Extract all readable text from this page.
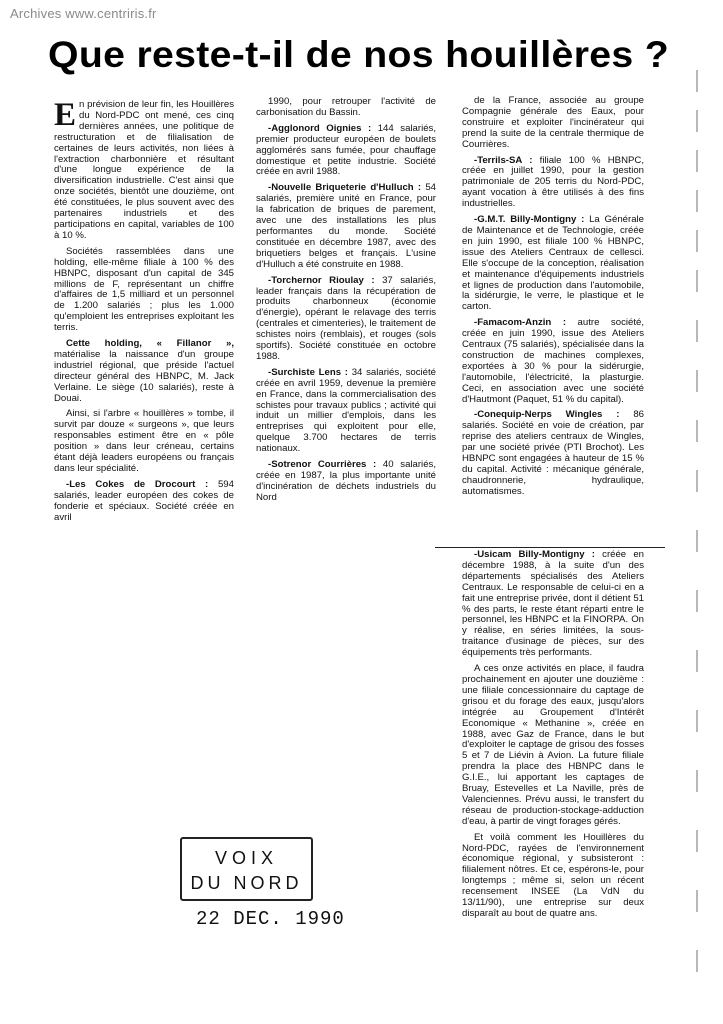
Archives www.centriris.fr
Que reste-t-il de nos houillères ?

En prévision de leur fin, les Houillères du Nord-PDC ont mené, ces cinq dernières années, une politique de restructuration et de filialisation de certaines de leurs activités, non liées à l'extraction charbonnière et résultant d'une longue expérience de la diversification industrielle. C'est ainsi que onze sociétés, bientôt une douzième, ont été constituées, le plus souvent avec des partenaires industriels et des participations en capital, variables de 100 à 10 %.

Sociétés rassemblées dans une holding, elle-même filiale à 100 % des HBNPC, disposant d'un capital de 345 millions de F, représentant un chiffre d'affaires de 1,5 milliard et un personnel de 1.200 salariés ; plus les 1.000 qu'emploient les entreprises exploitant les terris.

Cette holding, « Fillanor », matérialise la naissance d'un groupe industriel régional, que préside l'actuel directeur général des HBNPC, M. Jack Verlaine. Le siège (10 salariés), reste à Douai.

Ainsi, si l'arbre « houillères » tombe, il survit par douze « surgeons », que leurs responsables estiment être en « pôle position » dans leur créneau, certains étant déjà leaders européens ou français dans leur spécialité.

-Les Cokes de Drocourt : 594 salariés, leader européen des cokes de fonderie et spéciaux. Société créée en avril

1990, pour retrouper l'activité de carbonisation du Bassin.

-Agglonord Oignies : 144 salariés, premier producteur européen de boulets agglomérés sans fumée, pour chauffage domestique et petite industrie. Société créée en avril 1988.

-Nouvelle Briqueterie d'Hulluch : 54 salariés, première unité en France, pour la fabrication de briques de parement, avec une des installations les plus performantes du monde. Société constituée en décembre 1987, avec des briquetiers belges et français. L'usine d'Hulluch a été construite en 1988.

-Torchernor Rioulay : 37 salariés, leader français dans la récupération de produits charbonneux (économie d'énergie), opérant le relavage des terris (centrales et cimenteries), le traitement de schistes noirs (remblais), et rouges (sols sportifs). Société constituée en octobre 1988.

-Surchiste Lens : 34 salariés, société créée en avril 1959, devenue la première en France, dans la commercialisation des schistes pour travaux publics ; activité qui induit un millier d'emplois, dans les entreprises qui exploitent pour elle, quelque 3.700 hectares de terris nationaux.

-Sotrenor Courrières : 40 salariés, créée en 1987, la plus importante unité d'incinération de déchets industriels du Nord

de la France, associée au groupe Compagnie générale des Eaux, pour construire et exploiter l'incinérateur qui prend la suite de la centrale thermique de Courrières.

-Terrils-SA : filiale 100 % HBNPC, créée en juillet 1990, pour la gestion patrimoniale de 205 terris du Nord-PDC, ayant vocation à être utilisés à des fins industrielles.

-G.M.T. Billy-Montigny : La Générale de Maintenance et de Technologie, créée en juin 1990, est filiale 100 % HBNPC, issue des Ateliers Centraux de cellesci. Elle s'occupe de la conception, réalisation et maintenance d'équipements industriels et lignes de production dans l'automobile, la sidérurgie, le verre, le plastique et le carton.

-Famacom-Anzin : autre société, créée en juin 1990, issue des Ateliers Centraux (75 salariés), spécialisée dans la construction de machines complexes, exportées à 30 % pour la sidérurgie, l'automobile, l'électricité, la plasturgie. Ceci, en association avec une société d'Hautmont (Paquet, 51 % du capital).

-Conequip-Nerps Wingles : 86 salariés. Société en voie de création, par reprise des ateliers centraux de Wingles, par une société privée (PTI Brochot). Les HBNPC sont engagées à hauteur de 15 % du capital. Activité : mécanique générale, chaudronnerie, hydraulique, automatismes.

-Usicam Billy-Montigny : créée en décembre 1988, à la suite d'un des départements spécialisés des Ateliers Centraux. Le responsable de celui-ci en a fait une entreprise privée, dont il détient 51 % des parts, le reste étant réparti entre le personnel, les HBNPC et la FINORPA. On y réalise, en séries limitées, la sous-traitance d'usinage de pièces, sur des équipements très performants.

A ces onze activités en place, il faudra prochainement en ajouter une douzième : une filiale concessionnaire du captage de grisou et du forage des eaux, jusqu'alors intégrée au Groupement d'Intérêt Economique « Methanine », créée en 1988, avec Gaz de France, dans le but d'exploiter le captage de grisou des fosses 5 et 7 de Liévin à Avion. La future filiale prendra la place des HBNPC dans le G.I.E., lui apportant les captages de Bruay, Estevelles et La Naville, près de Valenciennes. Prévu aussi, le transfert du réseau de production-stockage-adduction d'eau, à partir de vingt forages gérés.

Et voilà comment les Houillères du Nord-PDC, rayées de l'environnement économique régional, y subsisteront : filialement nôtres. Et ce, espérons-le, pour longtemps ; même si, selon un récent recensement INSEE (La VdN du 13/11/90), une entreprise sur deux disparaît au bout de quatre ans.

VOIX
DU NORD
22 DEC. 1990
